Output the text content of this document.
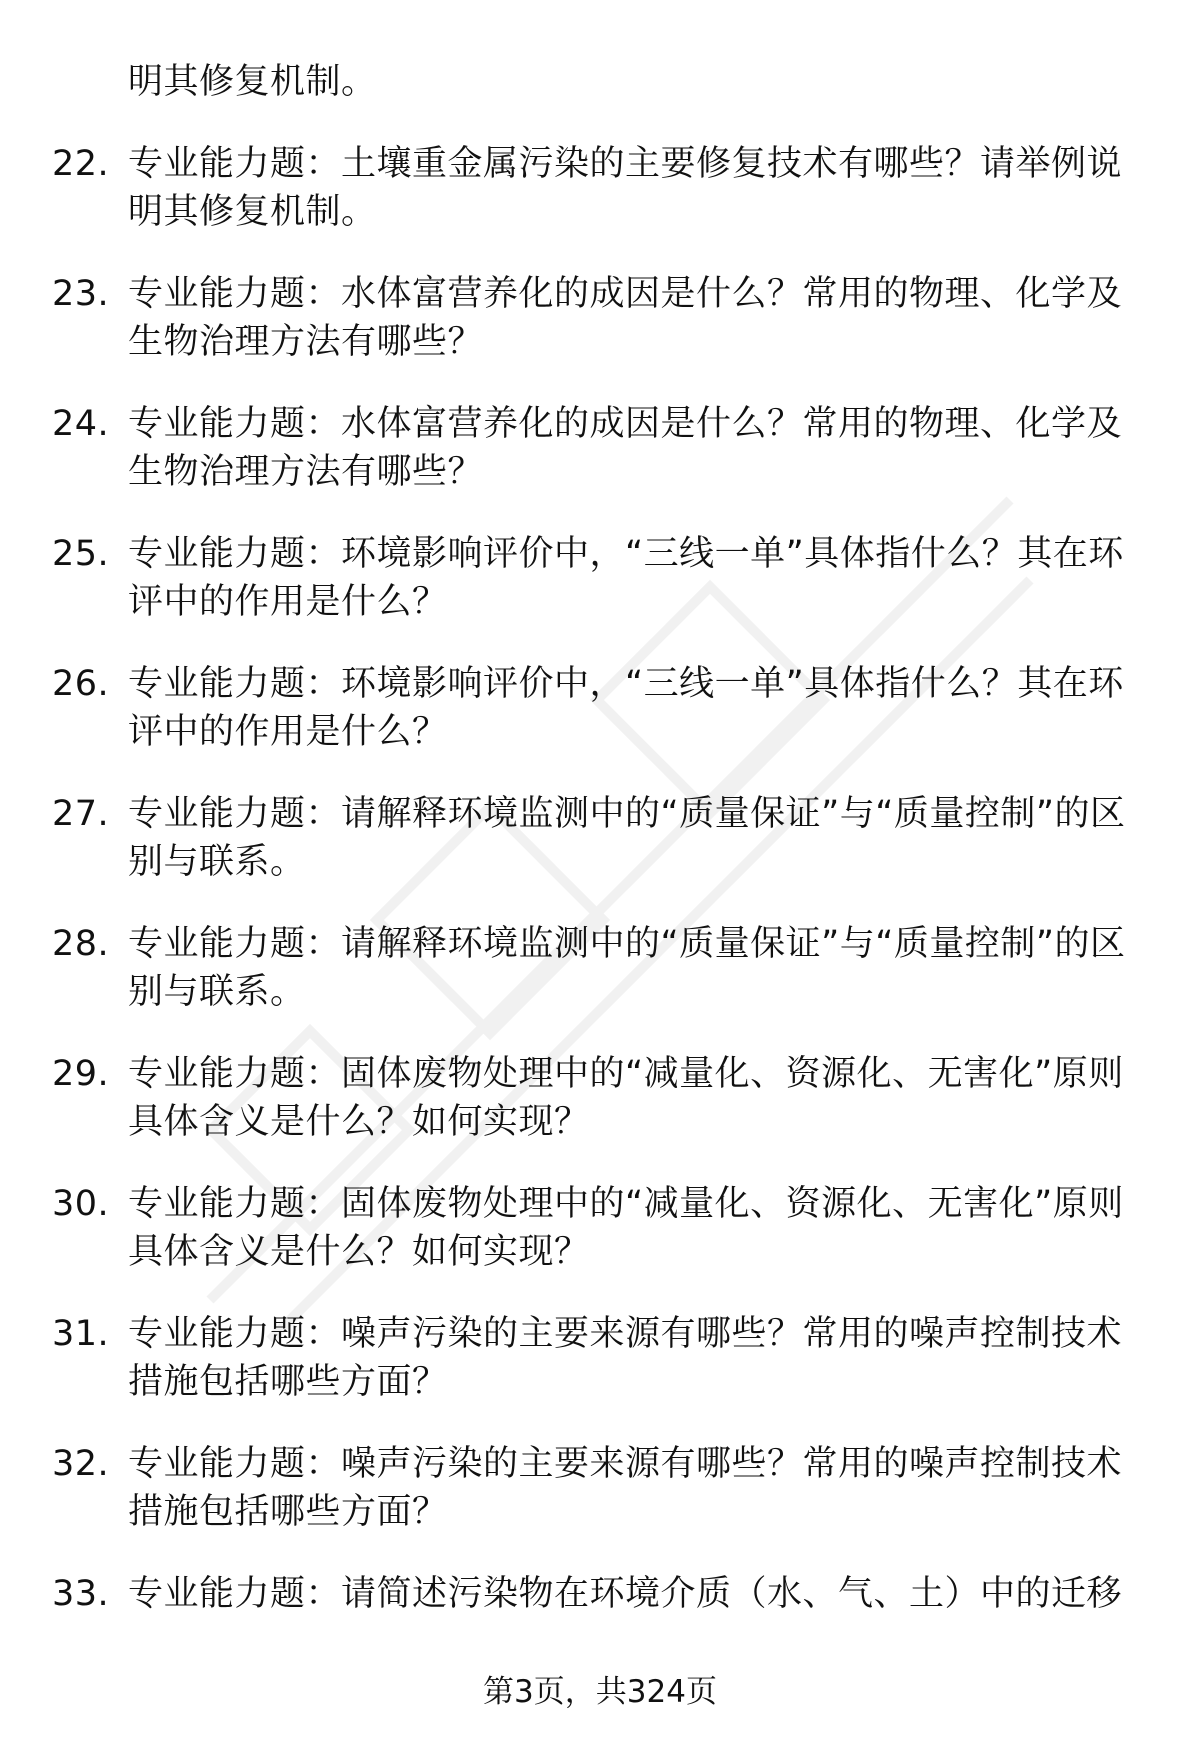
明其修复机制。
22. 专业能力题：土壤重金属污染的主要修复技术有哪些？请举例说明其修复机制。
23. 专业能力题：水体富营养化的成因是什么？常用的物理、化学及生物治理方法有哪些？
24. 专业能力题：水体富营养化的成因是什么？常用的物理、化学及生物治理方法有哪些？
25. 专业能力题：环境影响评价中，“三线一单”具体指什么？其在环评中的作用是什么？
26. 专业能力题：环境影响评价中，“三线一单”具体指什么？其在环评中的作用是什么？
27. 专业能力题：请解释环境监测中的“质量保证”与“质量控制”的区别与联系。
28. 专业能力题：请解释环境监测中的“质量保证”与“质量控制”的区别与联系。
29. 专业能力题：固体废物处理中的“减量化、资源化、无害化”原则具体含义是什么？如何实现？
30. 专业能力题：固体废物处理中的“减量化、资源化、无害化”原则具体含义是什么？如何实现？
31. 专业能力题：噪声污染的主要来源有哪些？常用的噪声控制技术措施包括哪些方面？
32. 专业能力题：噪声污染的主要来源有哪些？常用的噪声控制技术措施包括哪些方面？
33. 专业能力题：请简述污染物在环境介质（水、气、土）中的迁移
第3页，共324页
